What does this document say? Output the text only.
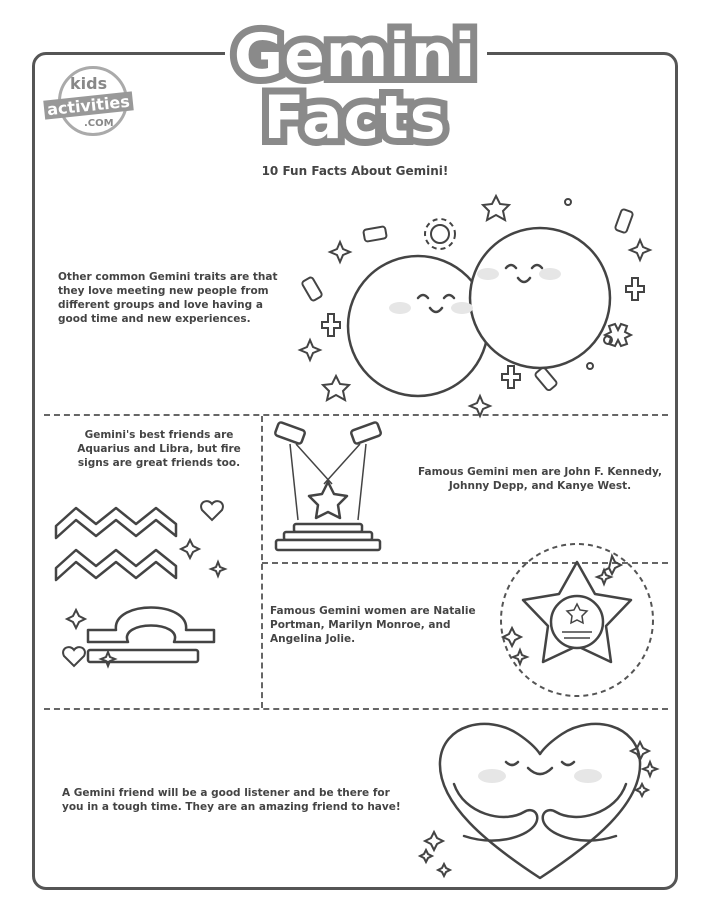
Gemini
Facts
kids
activities
.COM
10 Fun Facts About Gemini!
Other common Gemini traits are that they love meeting new people from different groups and love having a good time and new experiences.
Gemini's best friends are Aquarius and Libra, but fire signs are great friends too.
Famous Gemini men are John F. Kennedy, Johnny Depp, and Kanye West.
Famous Gemini women are Natalie Portman, Marilyn Monroe, and Angelina Jolie.
A Gemini friend will be a good listener and be there for you in a tough time. They are an amazing friend to have!
